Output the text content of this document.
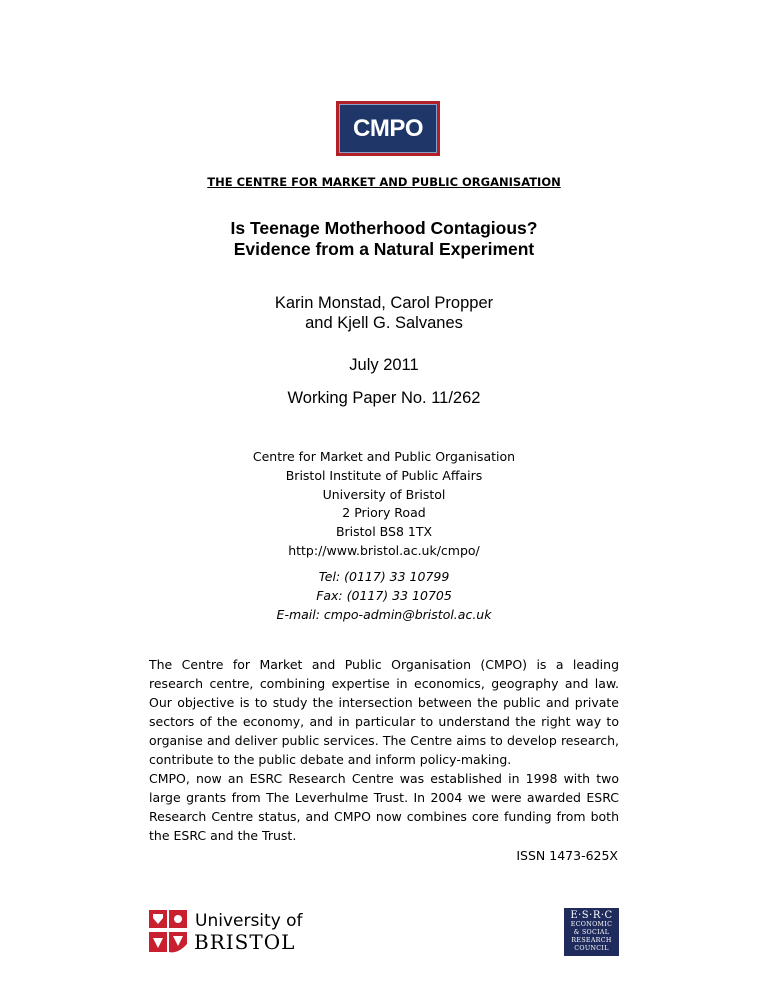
CMPO
THE CENTRE FOR MARKET AND PUBLIC ORGANISATION
Is Teenage Motherhood Contagious?
Evidence from a Natural Experiment
Karin Monstad, Carol Propper
and Kjell G. Salvanes
July 2011
Working Paper No. 11/262
Centre for Market and Public Organisation
Bristol Institute of Public Affairs
University of Bristol
2 Priory Road
Bristol BS8 1TX
http://www.bristol.ac.uk/cmpo/
Tel: (0117) 33 10799
Fax: (0117) 33 10705
E-mail: cmpo-admin@bristol.ac.uk

The Centre for Market and Public Organisation (CMPO) is a leading research centre, combining expertise in economics, geography and law. Our objective is to study the intersection between the public and private sectors of the economy, and in particular to understand the right way to organise and deliver public services. The Centre aims to develop research, contribute to the public debate and inform policy-making.

CMPO, now an ESRC Research Centre was established in 1998 with two large grants from The Leverhulme Trust. In 2004 we were awarded ESRC Research Centre status, and CMPO now combines core funding from both the ESRC and the Trust.

ISSN 1473-625X
University of
BRISTOL
E·S·R·C
ECONOMIC
& SOCIAL
RESEARCH
COUNCIL
